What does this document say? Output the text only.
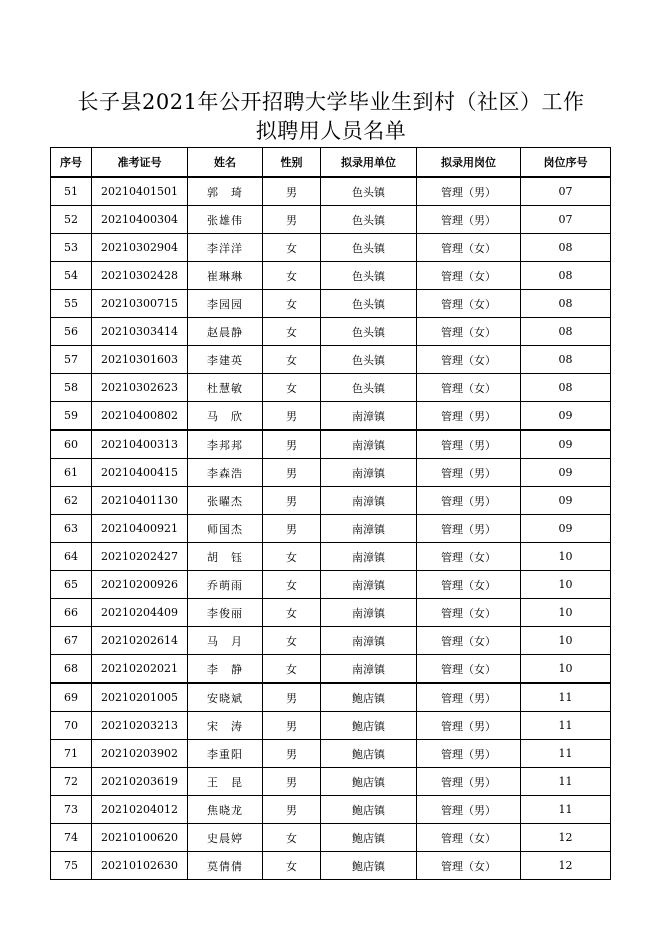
长子县2021年公开招聘大学毕业生到村（社区）工作
拟聘用人员名单
序号	准考证号	姓名	性别	拟录用单位	拟录用岗位	岗位序号
51	20210401501	郭　琦	男	色头镇	管理（男）	07
52	20210400304	张雄伟	男	色头镇	管理（男）	07
53	20210302904	李洋洋	女	色头镇	管理（女）	08
54	20210302428	崔琳琳	女	色头镇	管理（女）	08
55	20210300715	李园园	女	色头镇	管理（女）	08
56	20210303414	赵晨静	女	色头镇	管理（女）	08
57	20210301603	李建英	女	色头镇	管理（女）	08
58	20210302623	杜慧敏	女	色头镇	管理（女）	08
59	20210400802	马　欣	男	南漳镇	管理（男）	09
60	20210400313	李邦邦	男	南漳镇	管理（男）	09
61	20210400415	李森浩	男	南漳镇	管理（男）	09
62	20210401130	张曜杰	男	南漳镇	管理（男）	09
63	20210400921	师国杰	男	南漳镇	管理（男）	09
64	20210202427	胡　钰	女	南漳镇	管理（女）	10
65	20210200926	乔萌雨	女	南漳镇	管理（女）	10
66	20210204409	李俊丽	女	南漳镇	管理（女）	10
67	20210202614	马　月	女	南漳镇	管理（女）	10
68	20210202021	李　静	女	南漳镇	管理（女）	10
69	20210201005	安晓斌	男	鲍店镇	管理（男）	11
70	20210203213	宋　涛	男	鲍店镇	管理（男）	11
71	20210203902	李重阳	男	鲍店镇	管理（男）	11
72	20210203619	王　昆	男	鲍店镇	管理（男）	11
73	20210204012	焦晓龙	男	鲍店镇	管理（男）	11
74	20210100620	史晨婷	女	鲍店镇	管理（女）	12
75	20210102630	莫倩倩	女	鲍店镇	管理（女）	12
